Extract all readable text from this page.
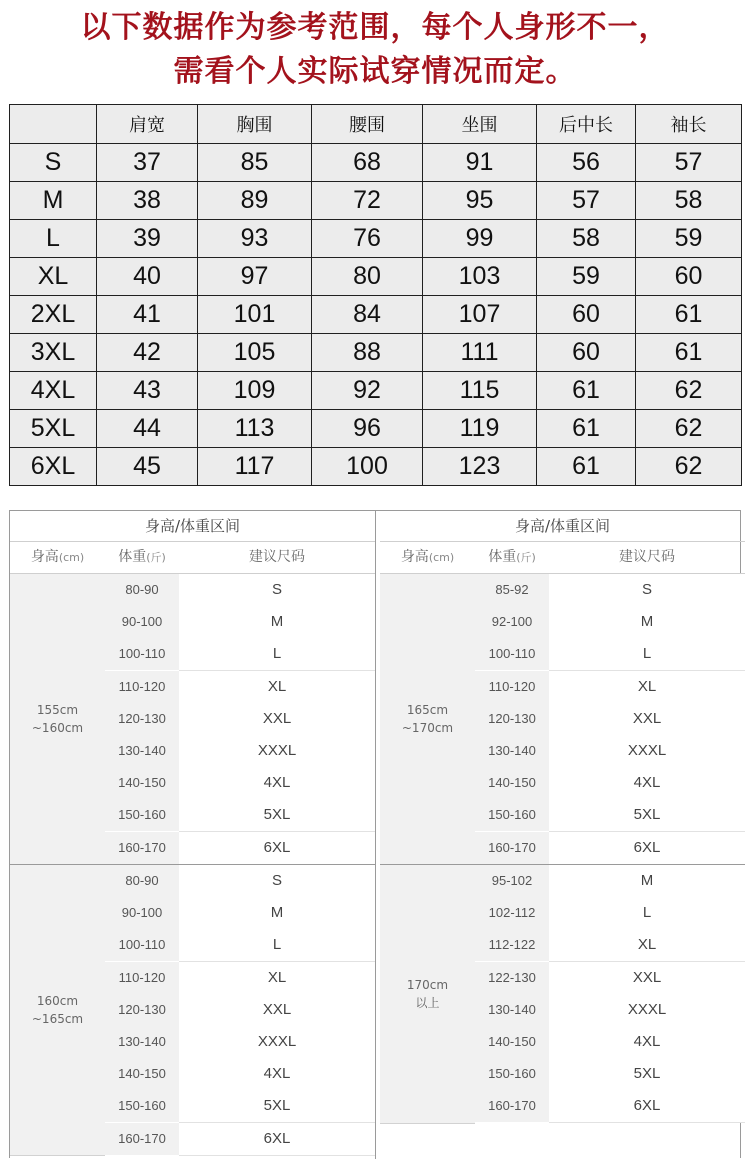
以下数据作为参考范围，每个人身形不一，
需看个人实际试穿情况而定。
	肩宽	胸围	腰围	坐围	后中长	袖长
S	37	85	68	91	56	57
M	38	89	72	95	57	58
L	39	93	76	99	58	59
XL	40	97	80	103	59	60
2XL	41	101	84	107	60	61
3XL	42	105	88	111	60	61
4XL	43	109	92	115	61	62
5XL	44	113	96	119	61	62
6XL	45	117	100	123	61	62
身高/体重区间
身高(cm)	体重(斤)	建议尺码
155cm
~160cm
80-90	S
90-100	M
100-110	L
110-120	XL
120-130	XXL
130-140	XXXL
140-150	4XL
150-160	5XL
160-170	6XL
160cm
~165cm
80-90	S
90-100	M
100-110	L
110-120	XL
120-130	XXL
130-140	XXXL
140-150	4XL
150-160	5XL
160-170	6XL
身高/体重区间
身高(cm)	体重(斤)	建议尺码
165cm
~170cm
85-92	S
92-100	M
100-110	L
110-120	XL
120-130	XXL
130-140	XXXL
140-150	4XL
150-160	5XL
160-170	6XL
170cm
以上
95-102	M
102-112	L
112-122	XL
122-130	XXL
130-140	XXXL
140-150	4XL
150-160	5XL
160-170	6XL
